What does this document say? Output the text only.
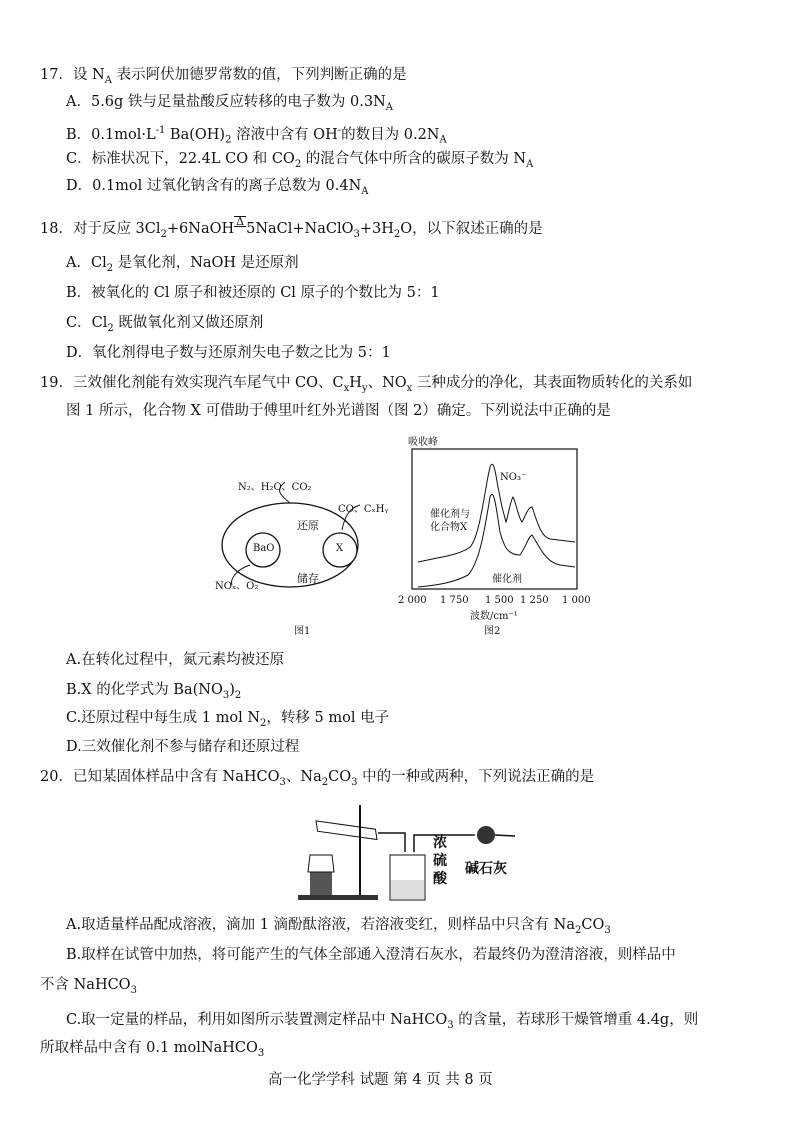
17．设 $N_A$ 表示阿伏加德罗常数的值，下列判断正确的是
A．5.6g 铁与足量盐酸反应转移的电子数为 $0.3N_A$
B．$0.1mol\cdot L^{-1}$ $Ba(OH)_2$ 溶液中含有 OH-的数目为 $0.2N_A$
C．标准状况下，22.4L CO 和 $CO_2$ 的混合气体中所含的碳原子数为 $N_A$
D．0.1mol 过氧化钠含有的离子总数为 $0.4N_A$
18．对于反应 $3Cl_2+6NaOH$ Δ $5NaCl+NaClO_3+3H_2O$，以下叙述正确的是
A．$Cl_2$ 是氧化剂，NaOH 是还原剂
B．被氧化的 Cl 原子和被还原的 Cl 原子的个数比为 5：1
C．$Cl_2$ 既做氧化剂又做还原剂
D．氧化剂得电子数与还原剂失电子数之比为 5：1
19．三效催化剂能有效实现汽车尾气中 CO、$C_xH_y$、$NO_x$ 三种成分的净化，其表面物质转化的关系如
图 1 所示，化合物 X 可借助于傅里叶红外光谱图（图 2）确定。下列说法中正确的是
A.在转化过程中，氮元素均被还原
B.X 的化学式为 $Ba(NO_3)_2$
C.还原过程中每生成 1 mol $N_2$，转移 5 mol 电子
D.三效催化剂不参与储存和还原过程
20．已知某固体样品中含有 NaHCO$_3$、$Na_2CO_3$ 中的一种或两种，下列说法正确的是
A.取适量样品配成溶液，滴加 1 滴酚酞溶液，若溶液变红，则样品中只含有 $Na_2CO_3$
B.取样在试管中加热，将可能产生的气体全部通入澄清石灰水，若最终仍为澄清溶液，则样品中
不含 NaHCO$_3$
C.取一定量的样品，利用如图所示装置测定样品中 NaHCO$_3$ 的含量，若球形干燥管增重 4.4g，则
所取样品中含有 0.1 molNaHCO$_3$
高一化学学科 试题 第 4 页 共 8 页
N₂、H₂O、CO₂
CO、CₓHᵧ
还原
储存
BaO	X
NOₓ、O₂
图1
吸收峰
NO₃⁻
催化剂与
化合物X
催化剂
2 000 1 750 1 500 1 250 1 000
波数/cm⁻¹
图2
浓
硫
酸
碱石灰
